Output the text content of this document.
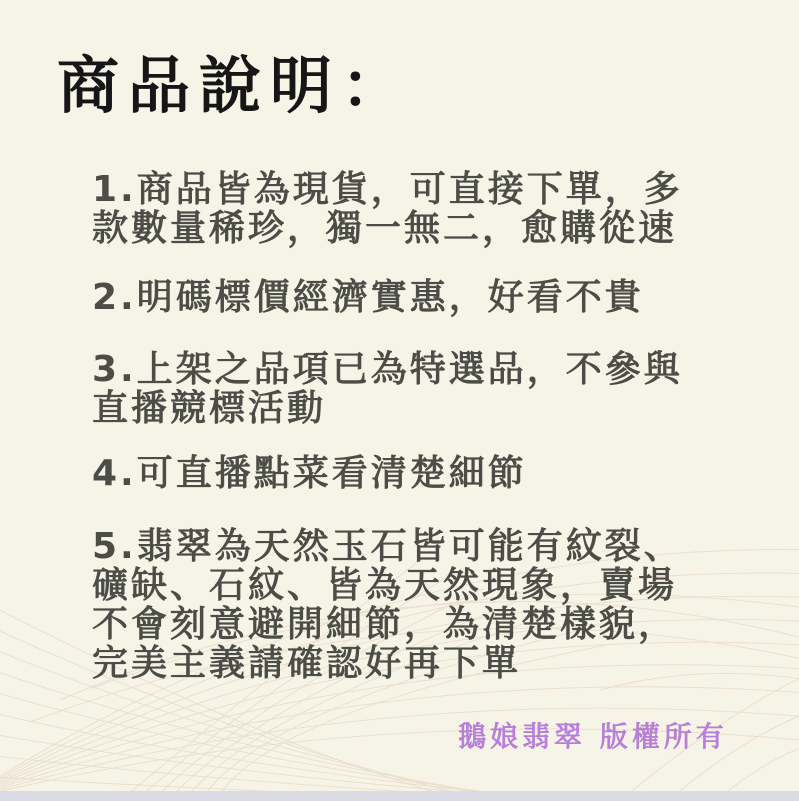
商品說明：
1.商品皆為現貨，可直接下單，多
款數量稀珍，獨一無二，愈購從速
2.明碼標價經濟實惠，好看不貴
3.上架之品項已為特選品，不參與
直播競標活動
4.可直播點菜看清楚細節
5.翡翠為天然玉石皆可能有紋裂、
礦缺、石紋、皆為天然現象，賣場
不會刻意避開細節，為清楚樣貌，
完美主義請確認好再下單
鵝娘翡翠 版權所有
